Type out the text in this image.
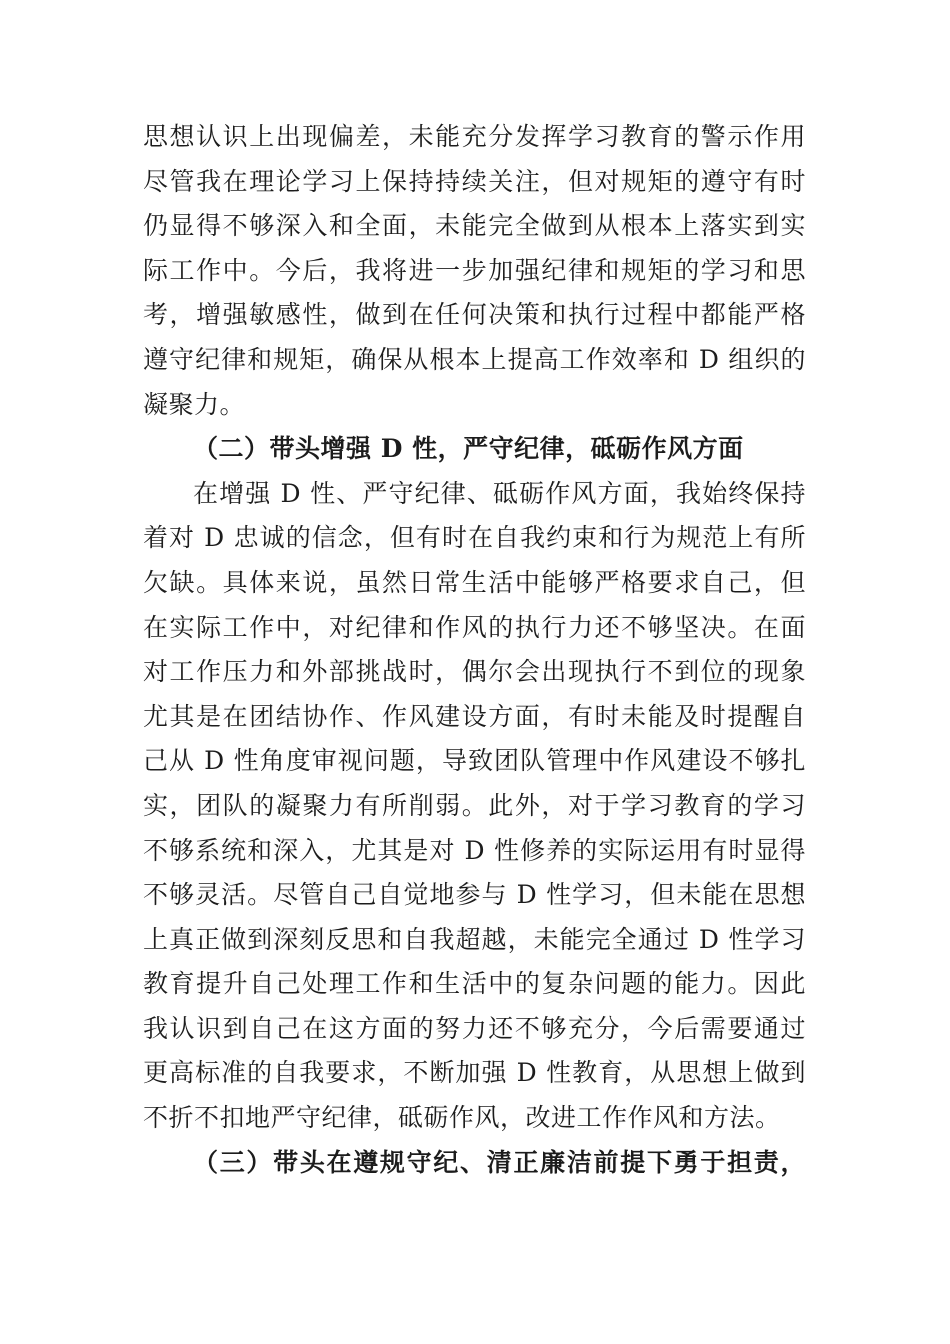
思想认识上出现偏差，未能充分发挥学习教育的警示作用
尽管我在理论学习上保持持续关注，但对规矩的遵守有时
仍显得不够深入和全面，未能完全做到从根本上落实到实
际工作中。今后，我将进一步加强纪律和规矩的学习和思
考，增强敏感性，做到在任何决策和执行过程中都能严格
遵守纪律和规矩，确保从根本上提高工作效率和 D 组织的
凝聚力。
（二）带头增强 D 性，严守纪律，砥砺作风方面
在增强 D 性、严守纪律、砥砺作风方面，我始终保持
着对 D 忠诚的信念，但有时在自我约束和行为规范上有所
欠缺。具体来说，虽然日常生活中能够严格要求自己，但
在实际工作中，对纪律和作风的执行力还不够坚决。在面
对工作压力和外部挑战时，偶尔会出现执行不到位的现象
尤其是在团结协作、作风建设方面，有时未能及时提醒自
己从 D 性角度审视问题，导致团队管理中作风建设不够扎
实，团队的凝聚力有所削弱。此外，对于学习教育的学习
不够系统和深入，尤其是对 D 性修养的实际运用有时显得
不够灵活。尽管自己自觉地参与 D 性学习，但未能在思想
上真正做到深刻反思和自我超越，未能完全通过 D 性学习
教育提升自己处理工作和生活中的复杂问题的能力。因此
我认识到自己在这方面的努力还不够充分，今后需要通过
更高标准的自我要求，不断加强 D 性教育，从思想上做到
不折不扣地严守纪律，砥砺作风，改进工作作风和方法。
（三）带头在遵规守纪、清正廉洁前提下勇于担责，
